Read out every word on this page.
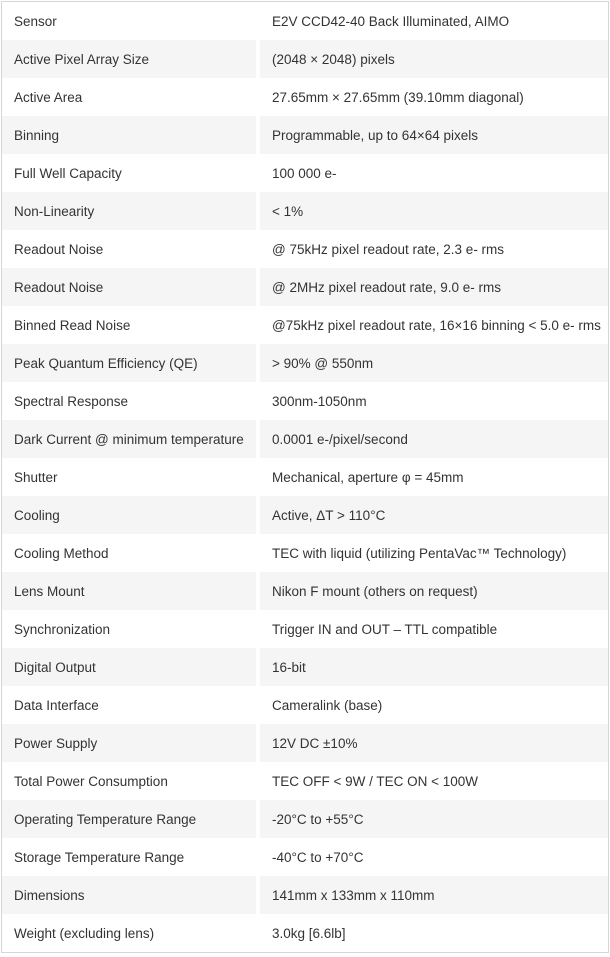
Sensor	E2V CCD42-40 Back Illuminated, AIMO
Active Pixel Array Size	(2048 × 2048) pixels
Active Area	27.65mm × 27.65mm (39.10mm diagonal)
Binning	Programmable, up to 64×64 pixels
Full Well Capacity	100 000 e-
Non-Linearity	< 1%
Readout Noise	@ 75kHz pixel readout rate, 2.3 e- rms
Readout Noise	@ 2MHz pixel readout rate, 9.0 e- rms
Binned Read Noise	@75kHz pixel readout rate, 16×16 binning < 5.0 e- rms
Peak Quantum Efficiency (QE)	> 90% @ 550nm
Spectral Response	300nm-1050nm
Dark Current @ minimum temperature	0.0001 e-/pixel/second
Shutter	Mechanical, aperture φ = 45mm
Cooling	Active, ΔT > 110°C
Cooling Method	TEC with liquid (utilizing PentaVac™ Technology)
Lens Mount	Nikon F mount (others on request)
Synchronization	Trigger IN and OUT – TTL compatible
Digital Output	16-bit
Data Interface	Cameralink (base)
Power Supply	12V DC ±10%
Total Power Consumption	TEC OFF < 9W / TEC ON < 100W
Operating Temperature Range	-20°C to +55°C
Storage Temperature Range	-40°C to +70°C
Dimensions	141mm x 133mm x 110mm
Weight (excluding lens)	3.0kg [6.6lb]
